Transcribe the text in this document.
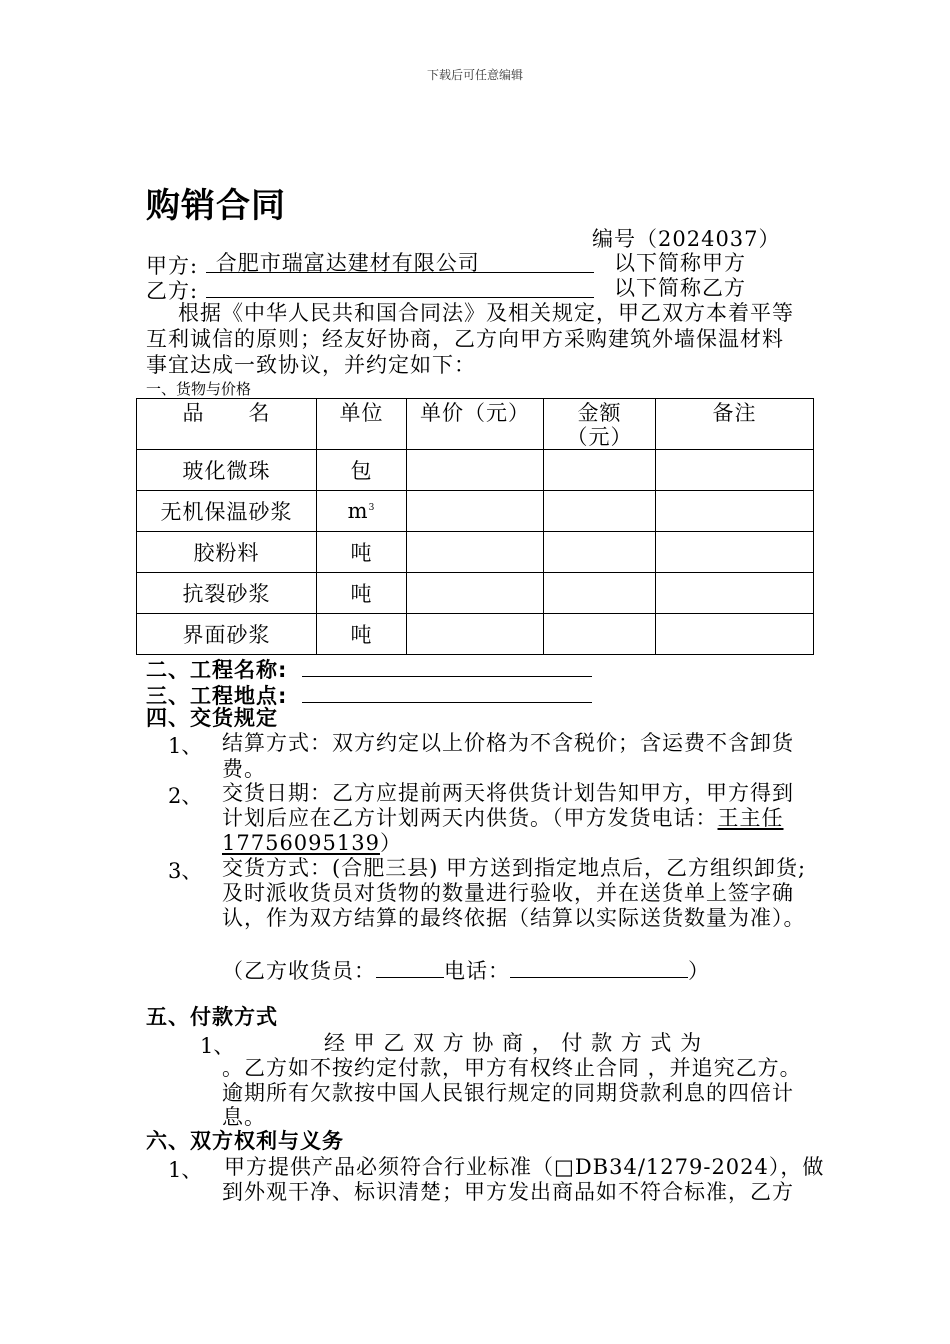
下载后可任意编辑
购销合同
编号（2024037）
甲方: 合肥市瑞富达建材有限公司	以下简称甲方
乙方:	以下简称乙方
根据《中华人民共和国合同法》及相关规定，甲乙双方本着平等
互利诚信的原则；经友好协商，乙方向甲方采购建筑外墙保温材料
事宜达成一致协议，并约定如下：
一、货物与价格
品　　名	单位	单价（元）	金额（元）	备注
玻化微珠	包			
无机保温砂浆	$m^3$			
胶粉料	吨			
抗裂砂浆	吨			
界面砂浆	吨			
二、工程名称:
三、工程地点:
四、交货规定
1、 结算方式：双方约定以上价格为不含税价；含运费不含卸货
费。
2、 交货日期：乙方应提前两天将供货计划告知甲方，甲方得到
计划后应在乙方计划两天内供货。（甲方发货电话：王主任
17756095139）
3、 交货方式：(合肥三县) 甲方送到指定地点后，乙方组织卸货;
及时派收货员对货物的数量进行验收，并在送货单上签字确
认，作为双方结算的最终依据（结算以实际送货数量为准）。
（乙方收货员：	电话：	）
五、付款方式
1、	经 甲 乙 双 方 协 商 ， 付 款 方 式 为
。乙方如不按约定付款，甲方有权终止合同 ，并追究乙方。
逾期所有欠款按中国人民银行规定的同期贷款利息的四倍计
息。
六、双方权利与义务
1、 甲方提供产品必须符合行业标准（□DB34/1279-2024），做
到外观干净、标识清楚；甲方发出商品如不符合标准，乙方
